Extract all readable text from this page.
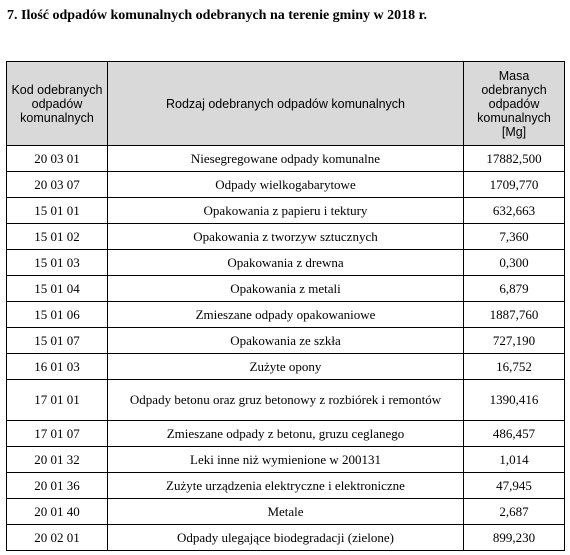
7. Ilość odpadów komunalnych odebranych na terenie gminy w 2018 r.
Kod odebranych odpadów komunalnych	Rodzaj odebranych odpadów komunalnych	Masa odebranych odpadów komunalnych [Mg]
20 03 01	Niesegregowane odpady komunalne	17882,500
20 03 07	Odpady wielkogabarytowe	1709,770
15 01 01	Opakowania z papieru i tektury	632,663
15 01 02	Opakowania z tworzyw sztucznych	7,360
15 01 03	Opakowania z drewna	0,300
15 01 04	Opakowania z metali	6,879
15 01 06	Zmieszane odpady opakowaniowe	1887,760
15 01 07	Opakowania ze szkła	727,190
16 01 03	Zużyte opony	16,752
17 01 01	Odpady betonu oraz gruz betonowy z rozbiórek i remontów	1390,416
17 01 07	Zmieszane odpady z betonu, gruzu ceglanego	486,457
20 01 32	Leki inne niż wymienione w 200131	1,014
20 01 36	Zużyte urządzenia elektryczne i elektroniczne	47,945
20 01 40	Metale	2,687
20 02 01	Odpady ulegające biodegradacji (zielone)	899,230
